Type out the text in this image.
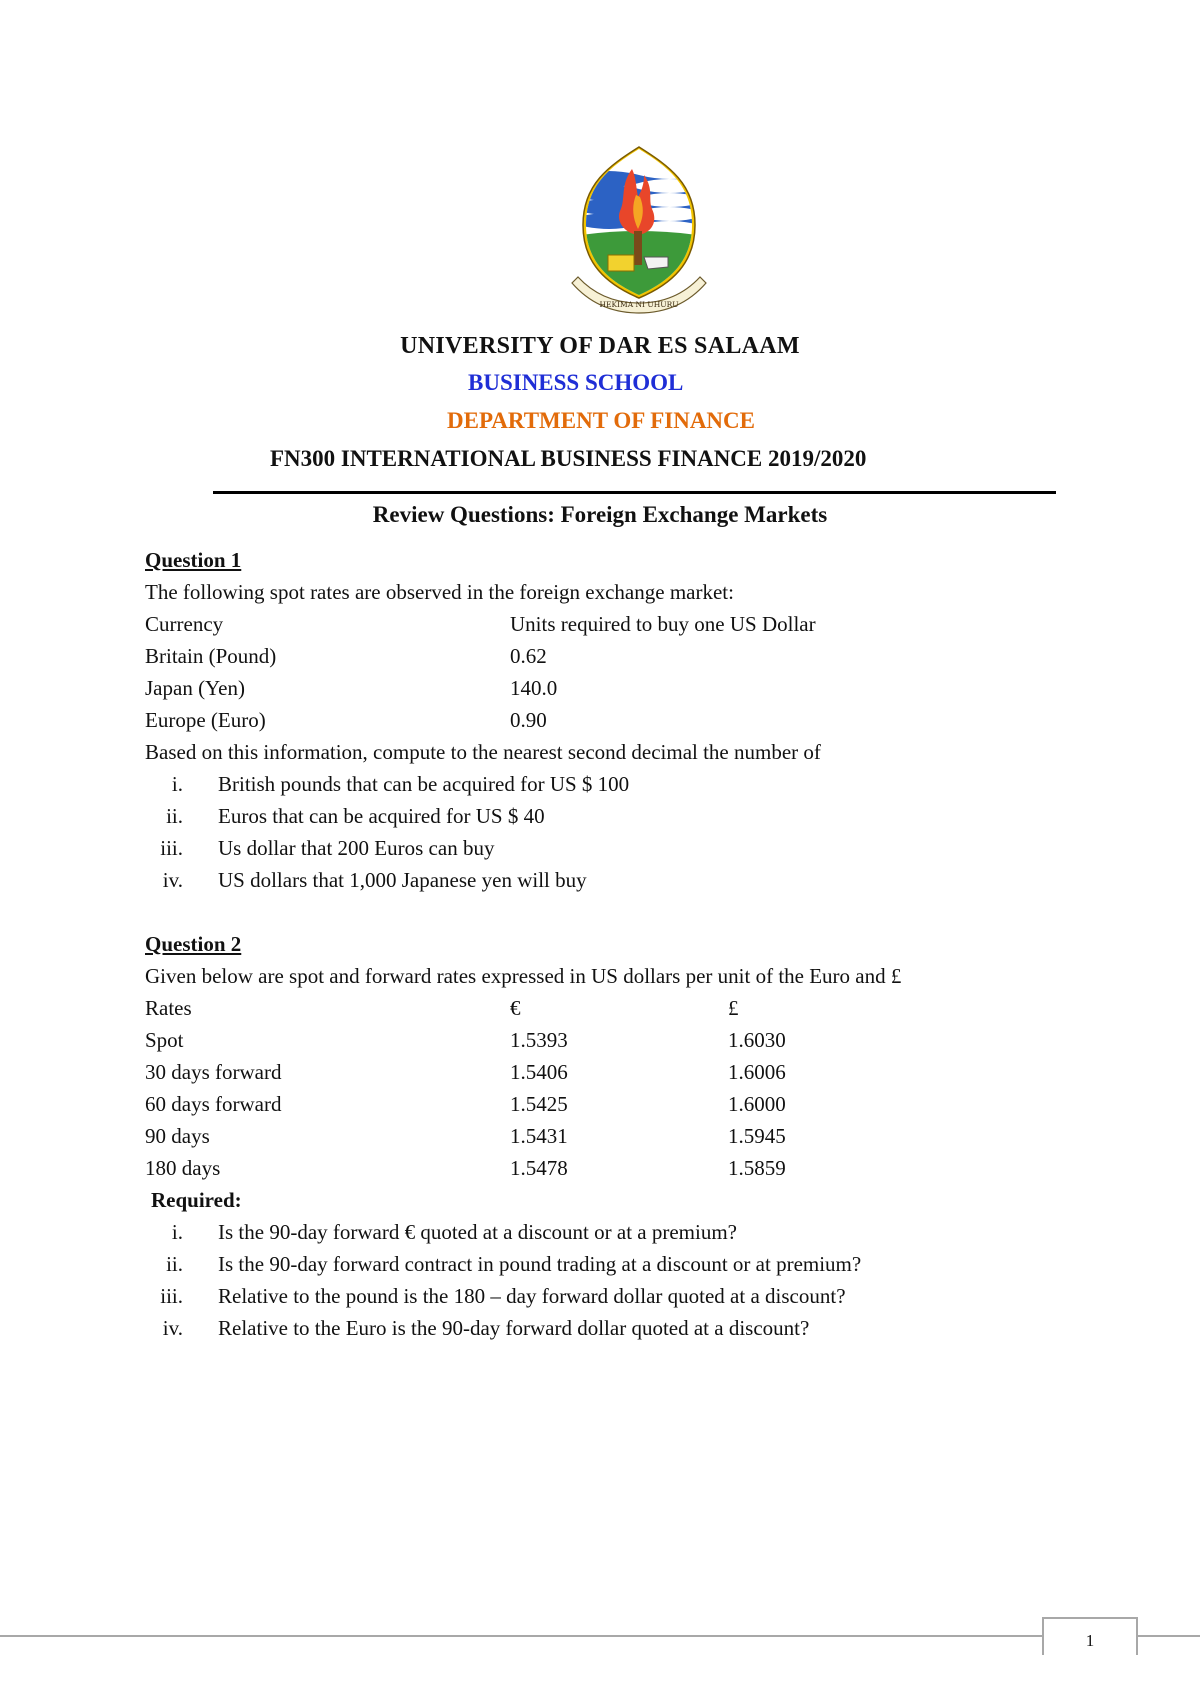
HEKIMA NI UHURU
UNIVERSITY OF DAR ES SALAAM
BUSINESS SCHOOL
DEPARTMENT OF FINANCE
FN300 INTERNATIONAL BUSINESS FINANCE 2019/2020
Review Questions: Foreign Exchange Markets
Question 1
The following spot rates are observed in the foreign exchange market:
Currency	Units required to buy one US Dollar
Britain (Pound)	0.62
Japan (Yen)	140.0
Europe (Euro)	0.90
Based on this information, compute to the nearest second decimal the number of
i.	British pounds that can be acquired for US $ 100
ii.	Euros that can be acquired for US $ 40
iii.	Us dollar that 200 Euros can buy
iv.	US dollars that 1,000 Japanese yen will buy
Question 2
Given below are spot and forward rates expressed in US dollars per unit of the Euro and £
Rates	€	£
Spot	1.5393	1.6030
30 days forward	1.5406	1.6006
60 days forward	1.5425	1.6000
90 days	1.5431	1.5945
180 days	1.5478	1.5859
Required:
i.	Is the 90-day forward € quoted at a discount or at a premium?
ii.	Is the 90-day forward contract in pound trading at a discount or at premium?
iii.	Relative to the pound is the 180 – day forward dollar quoted at a discount?
iv.	Relative to the Euro is the 90-day forward dollar quoted at a discount?
1
